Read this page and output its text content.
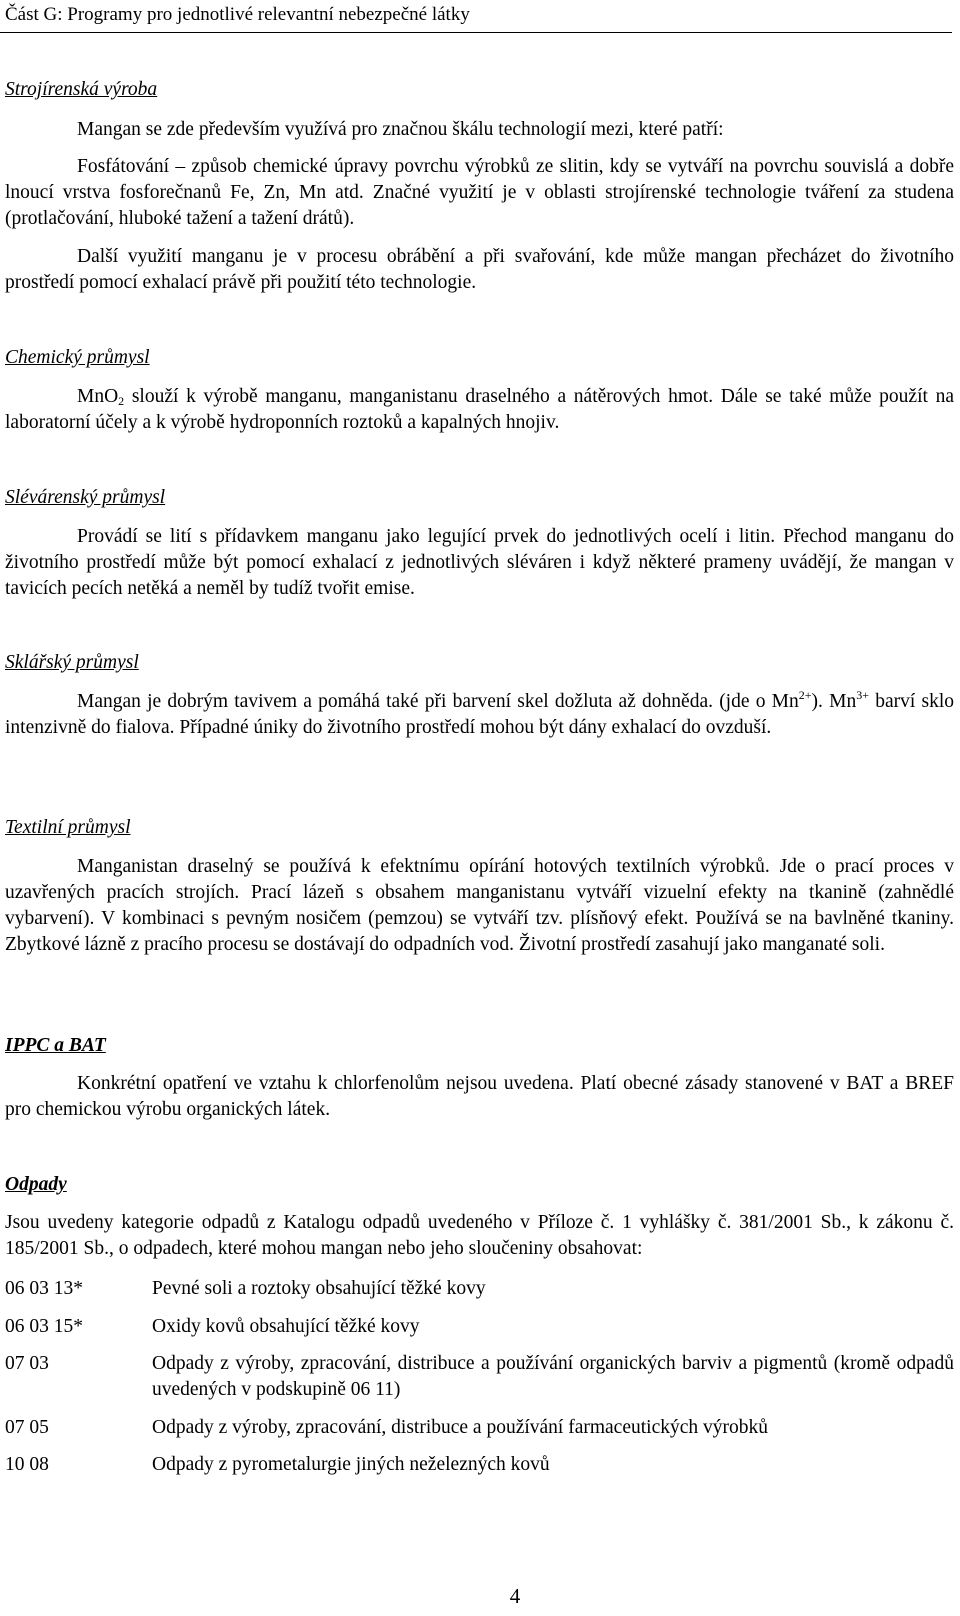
Část G: Programy pro jednotlivé relevantní nebezpečné látky
Strojírenská výroba

Mangan se zde především využívá pro značnou škálu technologií mezi, které patří:

Fosfátování – způsob chemické úpravy povrchu výrobků ze slitin, kdy se vytváří na povrchu souvislá a dobře lnoucí vrstva fosforečnanů Fe, Zn, Mn atd. Značné využití je v oblasti strojírenské technologie tváření za studena (protlačování, hluboké tažení a tažení drátů).

Další využití manganu je v procesu obrábění a při svařování, kde může mangan přecházet do životního prostředí pomocí exhalací právě při použití této technologie.

Chemický průmysl

MnO$_2$ slouží k výrobě manganu, manganistanu draselného a nátěrových hmot. Dále se také může použít na laboratorní účely a k výrobě hydroponních roztoků a kapalných hnojiv.

Slévárenský průmysl

Provádí se lití s přídavkem manganu jako legující prvek do jednotlivých ocelí i litin. Přechod manganu do životního prostředí může být pomocí exhalací z jednotlivých sléváren i když některé prameny uvádějí, že mangan v tavicích pecích netěká a neměl by tudíž tvořit emise.

Sklářský průmysl

Mangan je dobrým tavivem a pomáhá také při barvení skel dožluta až dohněda. (jde o $Mn^{2+}$). $Mn^{3+}$ barví sklo intenzivně do fialova. Případné úniky do životního prostředí mohou být dány exhalací do ovzduší.

Textilní průmysl

Manganistan draselný se používá k efektnímu opírání hotových textilních výrobků. Jde o prací proces v uzavřených pracích strojích. Prací lázeň s obsahem manganistanu vytváří vizuelní efekty na tkanině (zahnědlé vybarvení). V kombinaci s pevným nosičem (pemzou) se vytváří tzv. plísňový efekt. Používá se na bavlněné tkaniny. Zbytkové lázně z pracího procesu se dostávají do odpadních vod. Životní prostředí zasahují jako manganaté soli.

IPPC a BAT

Konkrétní opatření ve vztahu k chlorfenolům nejsou uvedena. Platí obecné zásady stanovené v BAT a BREF pro chemickou výrobu organických látek.

Odpady

Jsou uvedeny kategorie odpadů z Katalogu odpadů uvedeného v Příloze č. 1 vyhlášky č. 381/2001 Sb., k zákonu č. 185/2001 Sb., o odpadech, které mohou mangan nebo jeho sloučeniny obsahovat:

06 03 13*	Pevné soli a roztoky obsahující těžké kovy
06 03 15*	Oxidy kovů obsahující těžké kovy
07 03	Odpady z výroby, zpracování, distribuce a používání organických barviv a pigmentů (kromě odpadů uvedených v podskupině 06 11)
07 05	Odpady z výroby, zpracování, distribuce a používání farmaceutických výrobků
10 08	Odpady z pyrometalurgie jiných neželezných kovů
4
